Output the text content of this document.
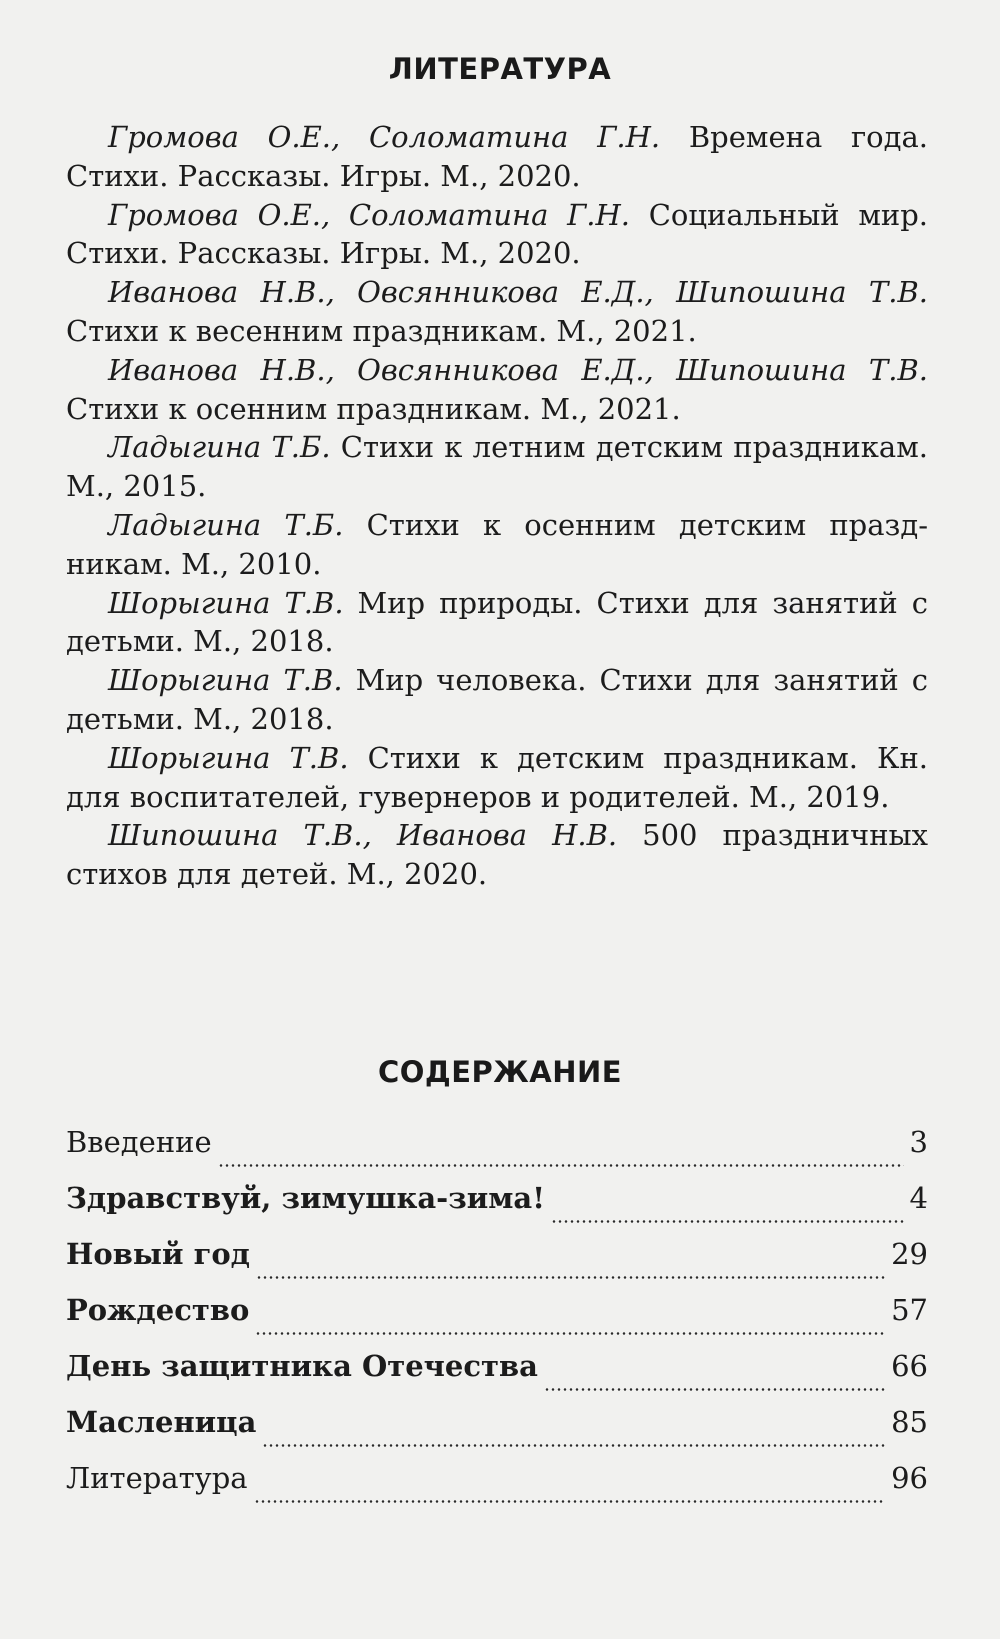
ЛИТЕРАТУРА

Громова О.Е., Соломатина Г.Н. Времена года. Стихи. Рассказы. Игры. М., 2020.

Громова О.Е., Соломатина Г.Н. Социальный мир. Стихи. Рассказы. Игры. М., 2020.

Иванова Н.В., Овсянникова Е.Д., Шипошина Т.В. Стихи к весенним праздникам. М., 2021.

Иванова Н.В., Овсянникова Е.Д., Шипошина Т.В. Стихи к осенним праздникам. М., 2021.

Ладыгина Т.Б. Стихи к летним детским праздникам. М., 2015.

Ладыгина Т.Б. Стихи к осенним детским праздникам. М., 2010.

Шорыгина Т.В. Мир природы. Стихи для занятий с детьми. М., 2018.

Шорыгина Т.В. Мир человека. Стихи для занятий с детьми. М., 2018.

Шорыгина Т.В. Стихи к детским праздникам. Кн. для воспитателей, гувернеров и родителей. М., 2019.

Шипошина Т.В., Иванова Н.В. 500 праздничных стихов для детей. М., 2020.

СОДЕРЖАНИЕ
Введение	3
Здравствуй, зимушка-зима!	4
Новый год	29
Рождество	57
День защитника Отечества	66
Масленица	85
Литература	96
